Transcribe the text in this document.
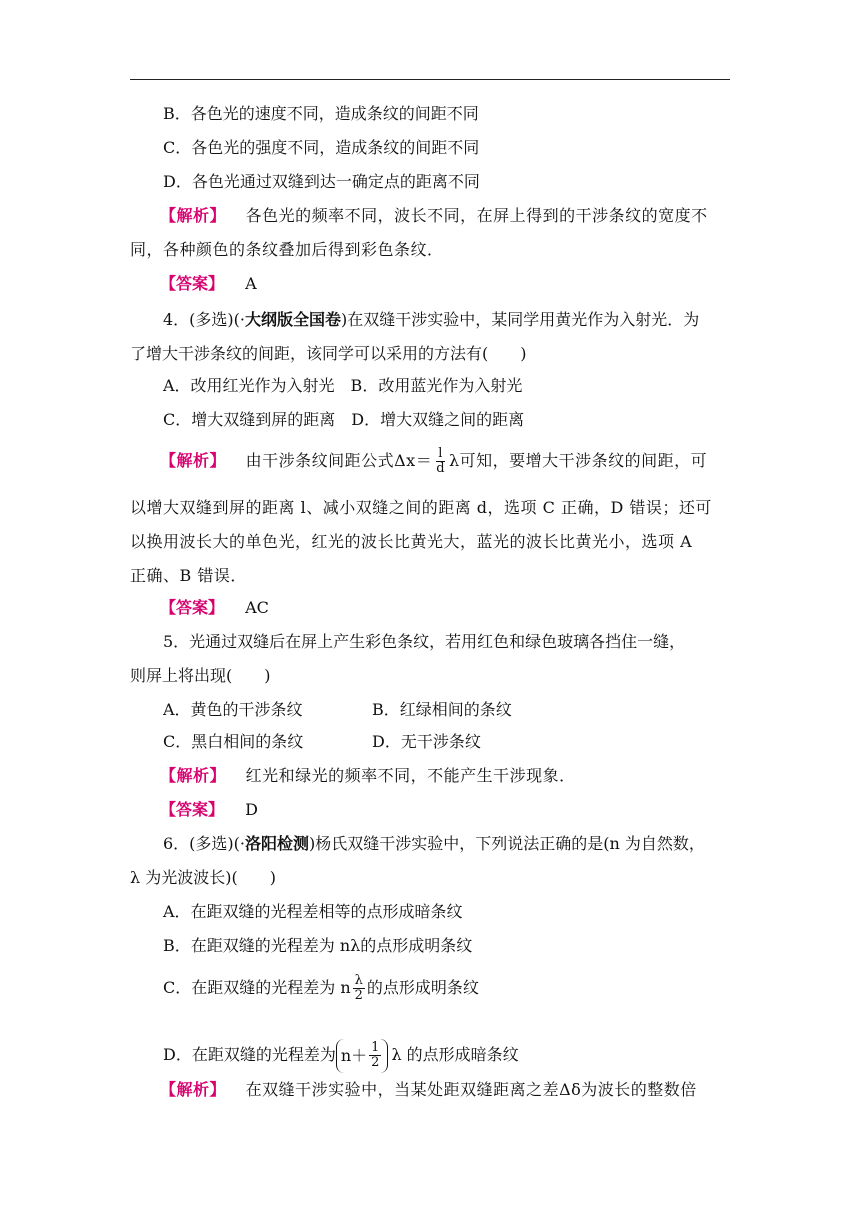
B．各色光的速度不同，造成条纹的间距不同
C．各色光的强度不同，造成条纹的间距不同
D．各色光通过双缝到达一确定点的距离不同
【解析】 各色光的频率不同，波长不同，在屏上得到的干涉条纹的宽度不
同，各种颜色的条纹叠加后得到彩色条纹．
【答案】 A
4．(多选)(·大纲版全国卷)在双缝干涉实验中，某同学用黄光作为入射光．为
了增大干涉条纹的间距，该同学可以采用的方法有(　　)
A．改用红光作为入射光　B．改用蓝光作为入射光
C．增大双缝到屏的距离　D．增大双缝之间的距离
【解析】 由干涉条纹间距公式$\Delta x= \frac{l}{d}$ λ可知，要增大干涉条纹的间距，可
以增大双缝到屏的距离 l、减小双缝之间的距离 d，选项 C 正确，D 错误；还可
以换用波长大的单色光，红光的波长比黄光大，蓝光的波长比黄光小，选项 A
正确、B 错误．
【答案】 AC
5．光通过双缝后在屏上产生彩色条纹，若用红色和绿色玻璃各挡住一缝，
则屏上将出现(　　)
A．黄色的干涉条纹	B．红绿相间的条纹
C．黑白相间的条纹	D．无干涉条纹
【解析】 红光和绿光的频率不同，不能产生干涉现象．
【答案】 D
6．(多选)(·洛阳检测)杨氏双缝干涉实验中，下列说法正确的是(n 为自然数，
λ 为光波波长)(　　)
A．在距双缝的光程差相等的点形成暗条纹
B．在距双缝的光程差为 nλ的点形成明条纹
C．在距双缝的光程差为 n $\frac{\lambda}{2}$ 的点形成明条纹
D．在距双缝的光程差为 $n+ \frac{1}{2}$ λ 的点形成暗条纹
【解析】 在双缝干涉实验中，当某处距双缝距离之差Δδ为波长的整数倍
